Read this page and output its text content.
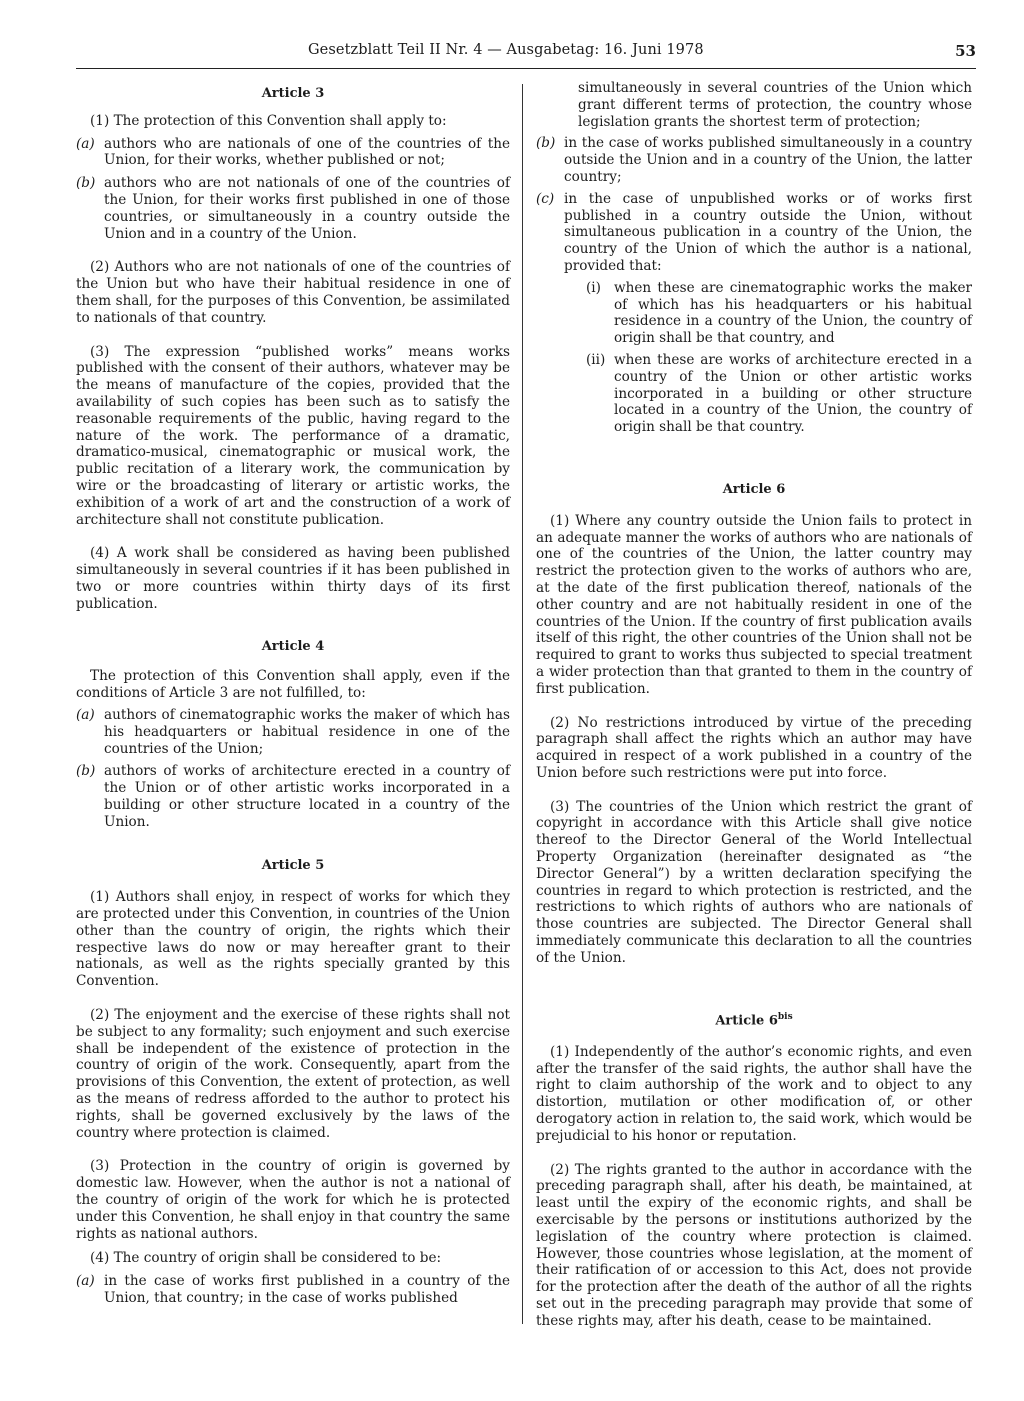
Gesetzblatt Teil II Nr. 4 — Ausgabetag: 16. Juni 1978	53

Article 3

(1) The protection of this Convention shall apply to:

(a) authors who are nationals of one of the countries of the Union, for their works, whether published or not;
(b) authors who are not nationals of one of the countries of the Union, for their works first published in one of those countries, or simultaneously in a country outside the Union and in a country of the Union.

(2) Authors who are not nationals of one of the countries of the Union but who have their habitual residence in one of them shall, for the purposes of this Convention, be assimilated to nationals of that country.

(3) The expression “published works” means works published with the consent of their authors, whatever may be the means of manufacture of the copies, provided that the availability of such copies has been such as to satisfy the reasonable requirements of the public, having regard to the nature of the work. The performance of a dramatic, dramatico-musical, cinematographic or musical work, the public recitation of a literary work, the communication by wire or the broadcasting of literary or artistic works, the exhibition of a work of art and the construction of a work of architecture shall not constitute publication.

(4) A work shall be considered as having been published simultaneously in several countries if it has been published in two or more countries within thirty days of its first publication.

Article 4

The protection of this Convention shall apply, even if the conditions of Article 3 are not fulfilled, to:

(a) authors of cinematographic works the maker of which has his headquarters or habitual residence in one of the countries of the Union;
(b) authors of works of architecture erected in a country of the Union or of other artistic works incorporated in a building or other structure located in a country of the Union.

Article 5

(1) Authors shall enjoy, in respect of works for which they are protected under this Convention, in countries of the Union other than the country of origin, the rights which their respective laws do now or may hereafter grant to their nationals, as well as the rights specially granted by this Convention.

(2) The enjoyment and the exercise of these rights shall not be subject to any formality; such enjoyment and such exercise shall be independent of the existence of protection in the country of origin of the work. Consequently, apart from the provisions of this Convention, the extent of protection, as well as the means of redress afforded to the author to protect his rights, shall be governed exclusively by the laws of the country where protection is claimed.

(3) Protection in the country of origin is governed by domestic law. However, when the author is not a national of the country of origin of the work for which he is protected under this Convention, he shall enjoy in that country the same rights as national authors.

(4) The country of origin shall be considered to be:

(a) in the case of works first published in a country of the Union, that country; in the case of works published

simultaneously in several countries of the Union which grant different terms of protection, the country whose legislation grants the shortest term of protection;

(b) in the case of works published simultaneously in a country outside the Union and in a country of the Union, the latter country;
(c) in the case of unpublished works or of works first published in a country outside the Union, without simultaneous publication in a country of the Union, the country of the Union of which the author is a national, provided that:
(i) when these are cinematographic works the maker of which has his headquarters or his habitual residence in a country of the Union, the country of origin shall be that country, and
(ii) when these are works of architecture erected in a country of the Union or other artistic works incorporated in a building or other structure located in a country of the Union, the country of origin shall be that country.

Article 6

(1) Where any country outside the Union fails to protect in an adequate manner the works of authors who are nationals of one of the countries of the Union, the latter country may restrict the protection given to the works of authors who are, at the date of the first publication thereof, nationals of the other country and are not habitually resident in one of the countries of the Union. If the country of first publication avails itself of this right, the other countries of the Union shall not be required to grant to works thus subjected to special treatment a wider protection than that granted to them in the country of first publication.

(2) No restrictions introduced by virtue of the preceding paragraph shall affect the rights which an author may have acquired in respect of a work published in a country of the Union before such restrictions were put into force.

(3) The countries of the Union which restrict the grant of copyright in accordance with this Article shall give notice thereof to the Director General of the World Intellectual Property Organization (hereinafter designated as “the Director General”) by a written declaration specifying the countries in regard to which protection is restricted, and the restrictions to which rights of authors who are nationals of those countries are subjected. The Director General shall immediately communicate this declaration to all the countries of the Union.

Article $6^{bis}$

(1) Independently of the author’s economic rights, and even after the transfer of the said rights, the author shall have the right to claim authorship of the work and to object to any distortion, mutilation or other modification of, or other derogatory action in relation to, the said work, which would be prejudicial to his honor or reputation.

(2) The rights granted to the author in accordance with the preceding paragraph shall, after his death, be maintained, at least until the expiry of the economic rights, and shall be exercisable by the persons or institutions authorized by the legislation of the country where protection is claimed. However, those countries whose legislation, at the moment of their ratification of or accession to this Act, does not provide for the protection after the death of the author of all the rights set out in the preceding paragraph may provide that some of these rights may, after his death, cease to be maintained.
